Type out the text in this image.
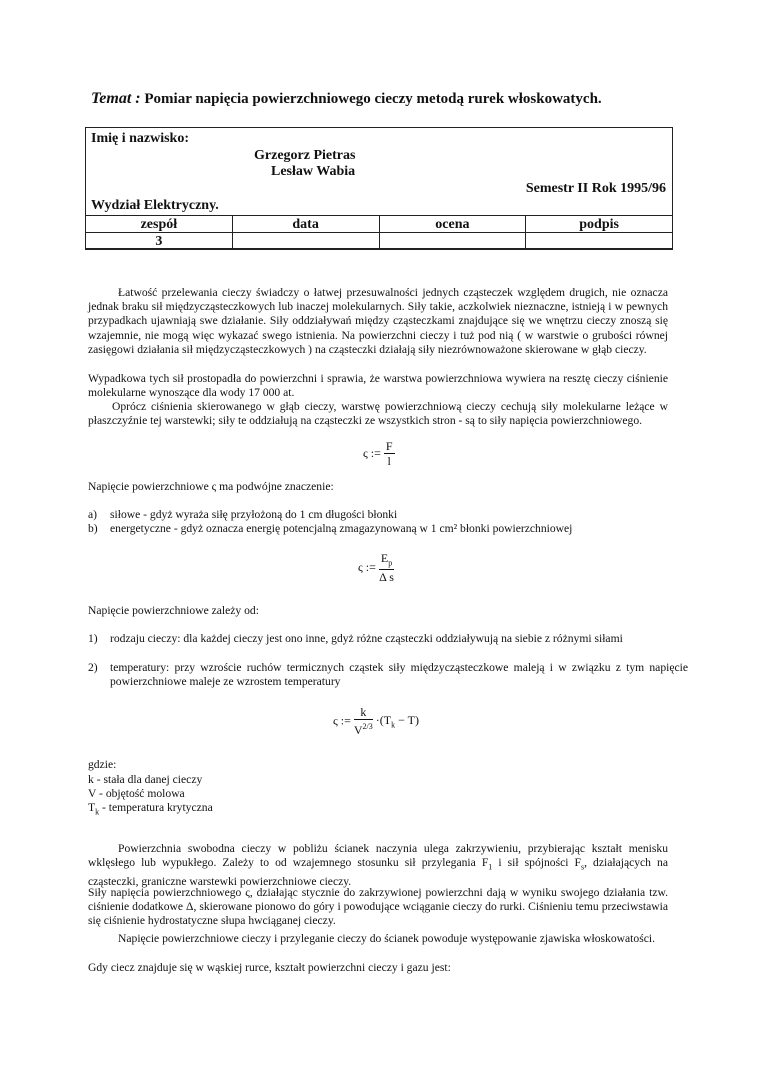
Temat : Pomiar napięcia powierzchniowego cieczy metodą rurek włoskowatych.
Imię i nazwisko:
Grzegorz Pietras
Lesław Wabia
Semestr II Rok 1995/96
Wydział Elektryczny.
zespół	data	ocena	podpis
3			
Łatwość przelewania cieczy świadczy o łatwej przesuwalności jednych cząsteczek względem drugich, nie oznacza jednak braku sił międzycząsteczkowych lub inaczej molekularnych. Siły takie, aczkolwiek nieznaczne, istnieją i w pewnych przypadkach ujawniają swe działanie. Siły oddziaływań między cząsteczkami znajdujące się we wnętrzu cieczy znoszą się wzajemnie, nie mogą więc wykazać swego istnienia. Na powierzchni cieczy i tuż pod nią ( w warstwie o grubości równej zasięgowi działania sił międzycząsteczkowych ) na cząsteczki działają siły niezrównoważone skierowane w głąb cieczy.
Wypadkowa tych sił prostopadła do powierzchni i sprawia, że warstwa powierzchniowa wywiera na resztę cieczy ciśnienie molekularne wynoszące dla wody 17 000 at.
Oprócz ciśnienia skierowanego w głąb cieczy, warstwę powierzchniową cieczy cechują siły molekularne leżące w płaszczyźnie tej warstewki; siły te oddziałują na cząsteczki ze wszystkich stron - są to siły napięcia powierzchniowego.
ς := $\frac{F}{l}$
Napięcie powierzchniowe ς ma podwójne znaczenie:
a) siłowe - gdyż wyraża siłę przyłożoną do 1 cm długości błonki
b) energetyczne - gdyż oznacza energię potencjalną zmagazynowaną w 1 cm² błonki powierzchniowej
ς := $\frac{E_p}{\text{Δ s}}$
Napięcie powierzchniowe zależy od:
1) rodzaju cieczy: dla każdej cieczy jest ono inne, gdyż różne cząsteczki oddziaływują na siebie z różnymi siłami
2) temperatury: przy wzroście ruchów termicznych cząstek siły międzycząsteczkowe maleją i w związku z tym napięcie powierzchniowe maleje ze wzrostem temperatury
ς := $\frac{k}{V^{2/3}} \cdot(T_k - T)$
gdzie:
k - stała dla danej cieczy
V - objętość molowa
$T_k$ - temperatura krytyczna
Powierzchnia swobodna cieczy w pobliżu ścianek naczynia ulega zakrzywieniu, przybierając kształt menisku wklęsłego lub wypukłego. Zależy to od wzajemnego stosunku sił przylegania $F_1$ i sił spójności $F_s$, działających na cząsteczki, graniczne warstewki powierzchniowe cieczy.
Siły napięcia powierzchniowego ς, działając stycznie do zakrzywionej powierzchni dają w wyniku swojego działania tzw. ciśnienie dodatkowe Δ, skierowane pionowo do góry i powodujące wciąganie cieczy do rurki. Ciśnieniu temu przeciwstawia się ciśnienie hydrostatyczne słupa hwciąganej cieczy.
Napięcie powierzchniowe cieczy i przyleganie cieczy do ścianek powoduje występowanie zjawiska włoskowatości.
Gdy ciecz znajduje się w wąskiej rurce, kształt powierzchni cieczy i gazu jest:
